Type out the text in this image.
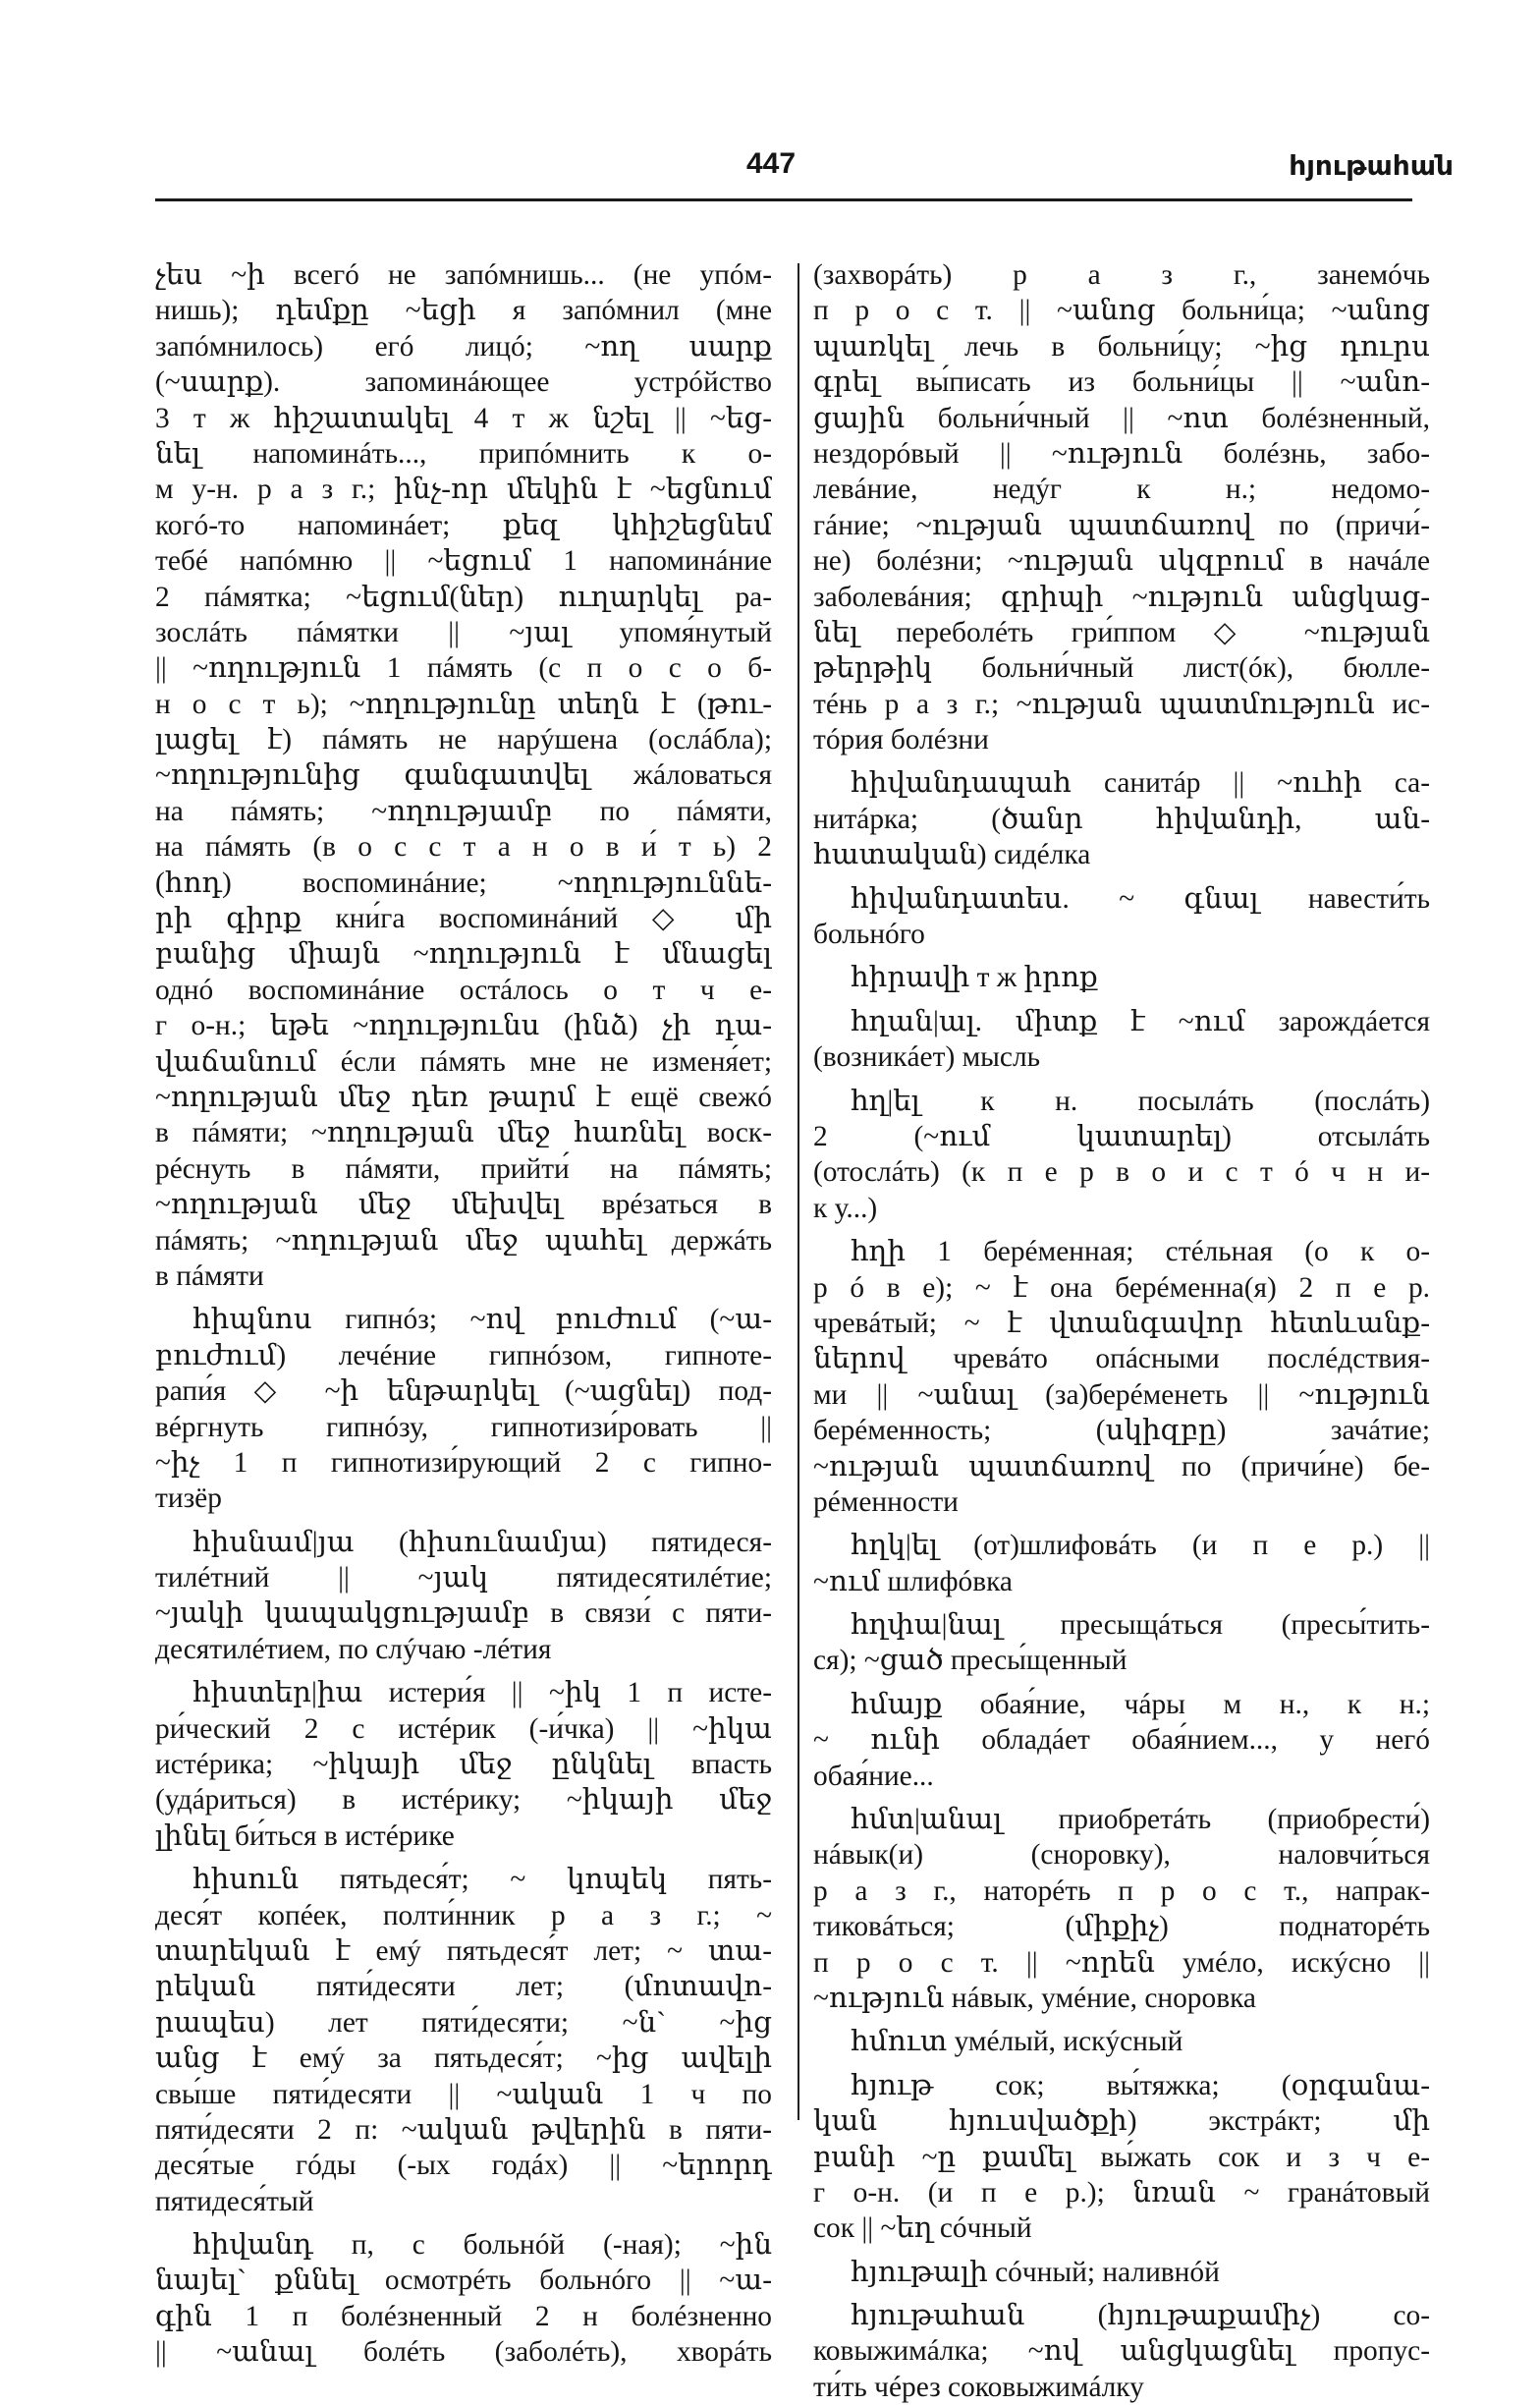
447	հյութահան
չես ~ի всегó не запóмнишь... (не упóм-
нишь); դեմքը ~եցի я запóмнил (мне
запóмнилось) егó лицó; ~ող սարք
(~սարք). запоминáющее устрóйство
3 т ж հիշատակել 4 т ж նշել || ~եց-
նել напоминáть..., припóмнить к о-
м у-н. р а з г.; ինչ-որ մեկին է ~եցնում
когó-то напоминáет; քեզ կհիշեցնեմ
тебé напóмню || ~եցում 1 напоминáние
2 пáмятка; ~եցում(ներ) ուղարկել ра-
зослáть пáмятки || ~յալ упомя́нутый
|| ~ողություն 1 пáмять (с п о с о б-
н о с т ь); ~ողությունը տեղն է (թու-
լացել է) пáмять не нарýшена (ослáбла);
~ողությունից գանգատվել жáловаться
на пáмять; ~ողությամբ по пáмяти,
на пáмять (в о с с т а н о в и́ т ь) 2
(հոդ) воспоминáние; ~ողություննե-
րի գիրք кни́га воспоминáний ◇ մի
բանից միայն ~ողություն է մնացել
однó воспоминáние остáлось о т ч е-
г о-н.; եթե ~ողությունս (ինձ) չի դա-
վաճանում éсли пáмять мне не изменя́ет;
~ողության մեջ դեռ թարմ է ещё свежó
в пáмяти; ~ողության մեջ հառնել воск-
рéснуть в пáмяти, прийти́ на пáмять;
~ողության մեջ մեխվել врéзаться в
пáмять; ~ողության մեջ պահել держáть
в пáмяти
հիպնոս гипнóз; ~ով բուժում (~ա-
բուժում) лечéние гипнóзом, гипноте-
рапи́я ◇ ~ի ենթարկել (~ացնել) под-
вéргнуть гипнóзу, гипнотизи́ровать ||
~իչ 1 п гипнотизи́рующий 2 с гипно-
тизёр
հիսնամ|յա (հիսունամյա) пятидеся-
тилéтний || ~յակ пятидесятилéтие;
~յակի կապակցությամբ в связи́ с пяти-
десятилéтием, по слýчаю -лéтия
հիստեր|իա истери́я || ~իկ 1 п исте-
ри́ческий 2 с истéрик (-и́чка) || ~իկա
истéрика; ~իկայի մեջ ընկնել впасть
(удáриться) в истéрику; ~իկայի մեջ
լինել би́ться в истéрике
հիսուն пятьдеся́т; ~ կոպեկ пять-
деся́т копéек, полти́нник р а з г.; ~
տարեկան է емý пятьдеся́т лет; ~ տա-
րեկան пяти́десяти лет; (մոտավո-
րապես) лет пяти́десяти; ~ն` ~ից
անց է емý за пятьдеся́т; ~ից ավելի
свы́ше пяти́десяти || ~ական 1 ч по
пяти́десяти 2 п: ~ական թվերին в пяти-
деся́тые гóды (-ых годáх) || ~երորդ
пятидеся́тый
հիվանդ п, с больнóй (-ная); ~ին
նայել` քննել осмотрéть больнóго || ~ա-
գին 1 п болéзненный 2 н болéзненно
|| ~անալ болéть (заболéть), хворáть
(захворáть) р а з г., занемóчь
п р о с т. || ~անոց больни́ца; ~անոց
պառկել лечь в больни́цу; ~ից դուրս
գրել вы́писать из больни́цы || ~անո-
ցային больни́чный || ~ոտ болéзненный,
нездорóвый || ~ություն болéзнь, забо-
левáние, недýг к н.; недомо-
гáние; ~ության պատճառով по (причи́-
не) болéзни; ~ության սկզբում в начáле
заболевáния; գրիպի ~ություն անցկաց-
նել переболéть гри́ппом ◇ ~ության
թերթիկ больни́чный лист(óк), бюлле-
тéнь р а з г.; ~ության պատմություն ис-
тóрия болéзни
հիվանդապահ санитáр || ~ուհի са-
нитáрка; (ծանր հիվանդի, ան-
հատական) сидéлка
հիվանդատես. ~ գնալ навести́ть
больнóго
հիրավի т ж իրոք
հղան|ալ. միտք է ~ում зарождáется
(возникáет) мысль
հղ|ել к н. посылáть (послáть)
2 (~ում կատարել) отсылáть
(отослáть) (к п е р в о и с т ó ч н и-
к у...)
հղի 1 берéменная; стéльная (о к о-
р ó в е); ~ է она берéменна(я) 2 п е р.
чревáтый; ~ է վտանգավոր հետևանք-
ներով чревáто опáсными послéдствия-
ми || ~անալ (за)берéменеть || ~ություն
берéменность; (սկիզբը) зачáтие;
~ության պատճառով по (причи́не) бе-
рéменности
հղկ|ել (от)шлифовáть (и п е р.) ||
~ում шлифóвка
հղփա|նալ пресыщáться (пресы́тить-
ся); ~ցած пресы́щенный
հմայք обая́ние, чáры м н., к н.;
~ ունի обладáет обая́нием..., у негó
обая́ние...
հմտ|անալ приобретáть (приобрести́)
нáвык(и) (сноровку), наловчи́ться
р а з г., наторéть п р о с т., напрак-
тиковáться; (միքիչ) поднаторéть
п р о с т. || ~որեն умéло, искýсно ||
~ություն нáвык, умéние, сноровка
հմուտ умéлый, искýсный
հյութ сок; вы́тяжка; (օրգանա-
կան հյուսվածքի) экстрáкт; մի
բանի ~ը քամել вы́жать сок и з ч е-
г о-н. (и п е р.); նռան ~ гранáтовый
сок || ~եղ сóчный
հյութալի сóчный; наливнóй
հյութահան (հյութաքամիչ) со-
ковыжимáлка; ~ով անցկացնել пропус-
ти́ть чéрез соковыжимáлку
